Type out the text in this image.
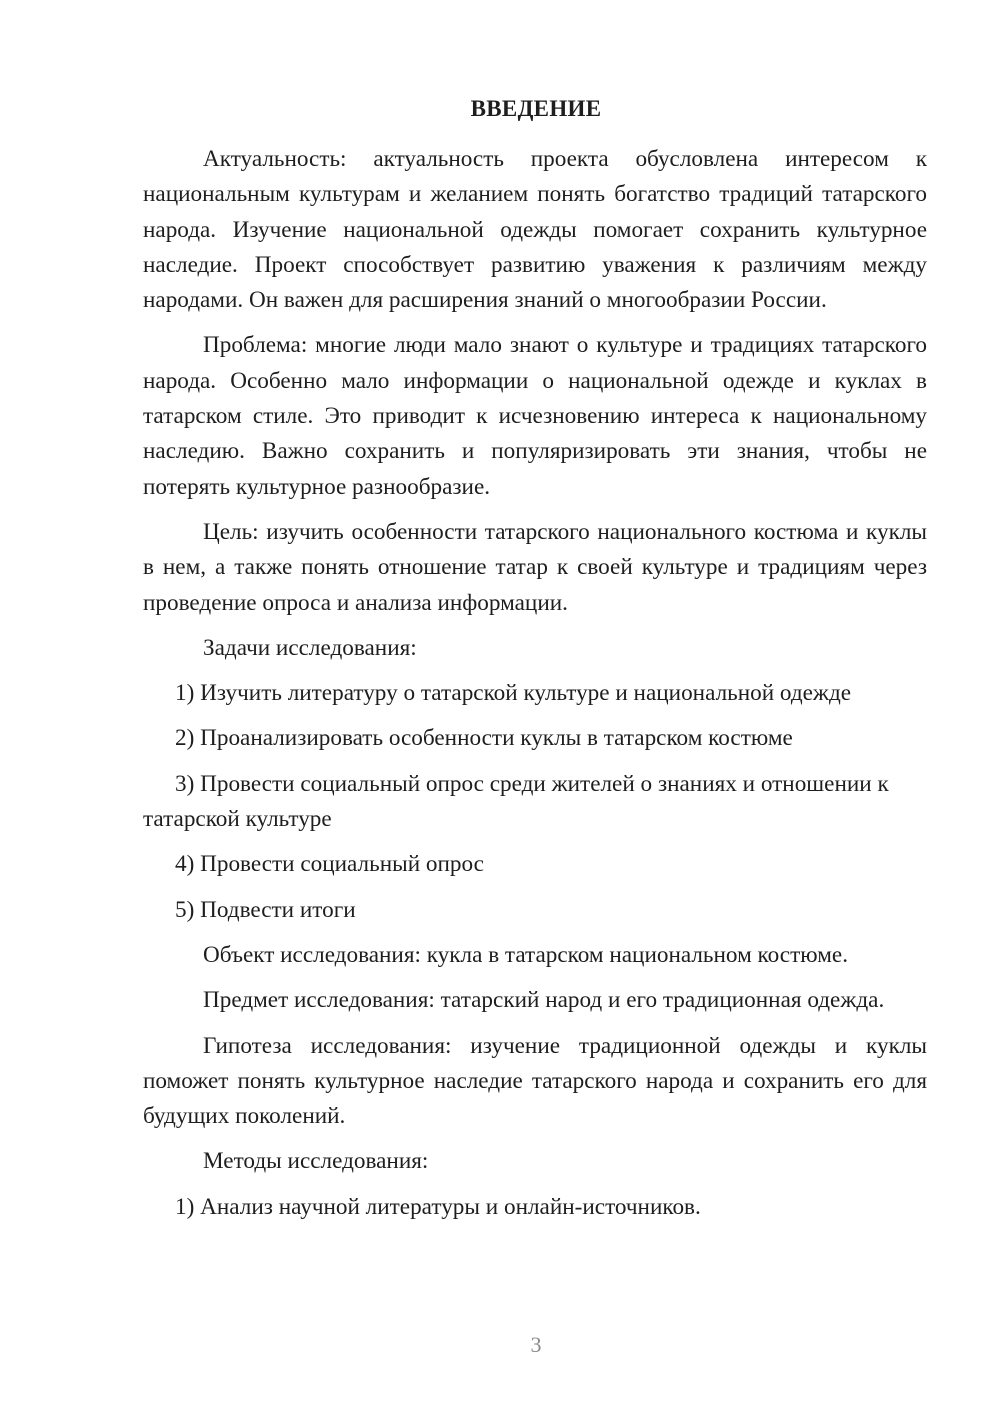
ВВЕДЕНИЕ

Актуальность: актуальность проекта обусловлена интересом к национальным культурам и желанием понять богатство традиций татарского народа. Изучение национальной одежды помогает сохранить культурное наследие. Проект способствует развитию уважения к различиям между народами. Он важен для расширения знаний о многообразии России.

Проблема: многие люди мало знают о культуре и традициях татарского народа. Особенно мало информации о национальной одежде и куклах в татарском стиле. Это приводит к исчезновению интереса к национальному наследию. Важно сохранить и популяризировать эти знания, чтобы не потерять культурное разнообразие.

Цель: изучить особенности татарского национального костюма и куклы в нем, а также понять отношение татар к своей культуре и традициям через проведение опроса и анализа информации.

Задачи исследования:

1) Изучить литературу о татарской культуре и национальной одежде

2) Проанализировать особенности куклы в татарском костюме

3) Провести социальный опрос среди жителей о знаниях и отношении к татарской культуре

4) Провести социальный опрос

5) Подвести итоги

Объект исследования: кукла в татарском национальном костюме.

Предмет исследования: татарский народ и его традиционная одежда.

Гипотеза исследования: изучение традиционной одежды и куклы поможет понять культурное наследие татарского народа и сохранить его для будущих поколений.

Методы исследования:

1) Анализ научной литературы и онлайн-источников.

3
